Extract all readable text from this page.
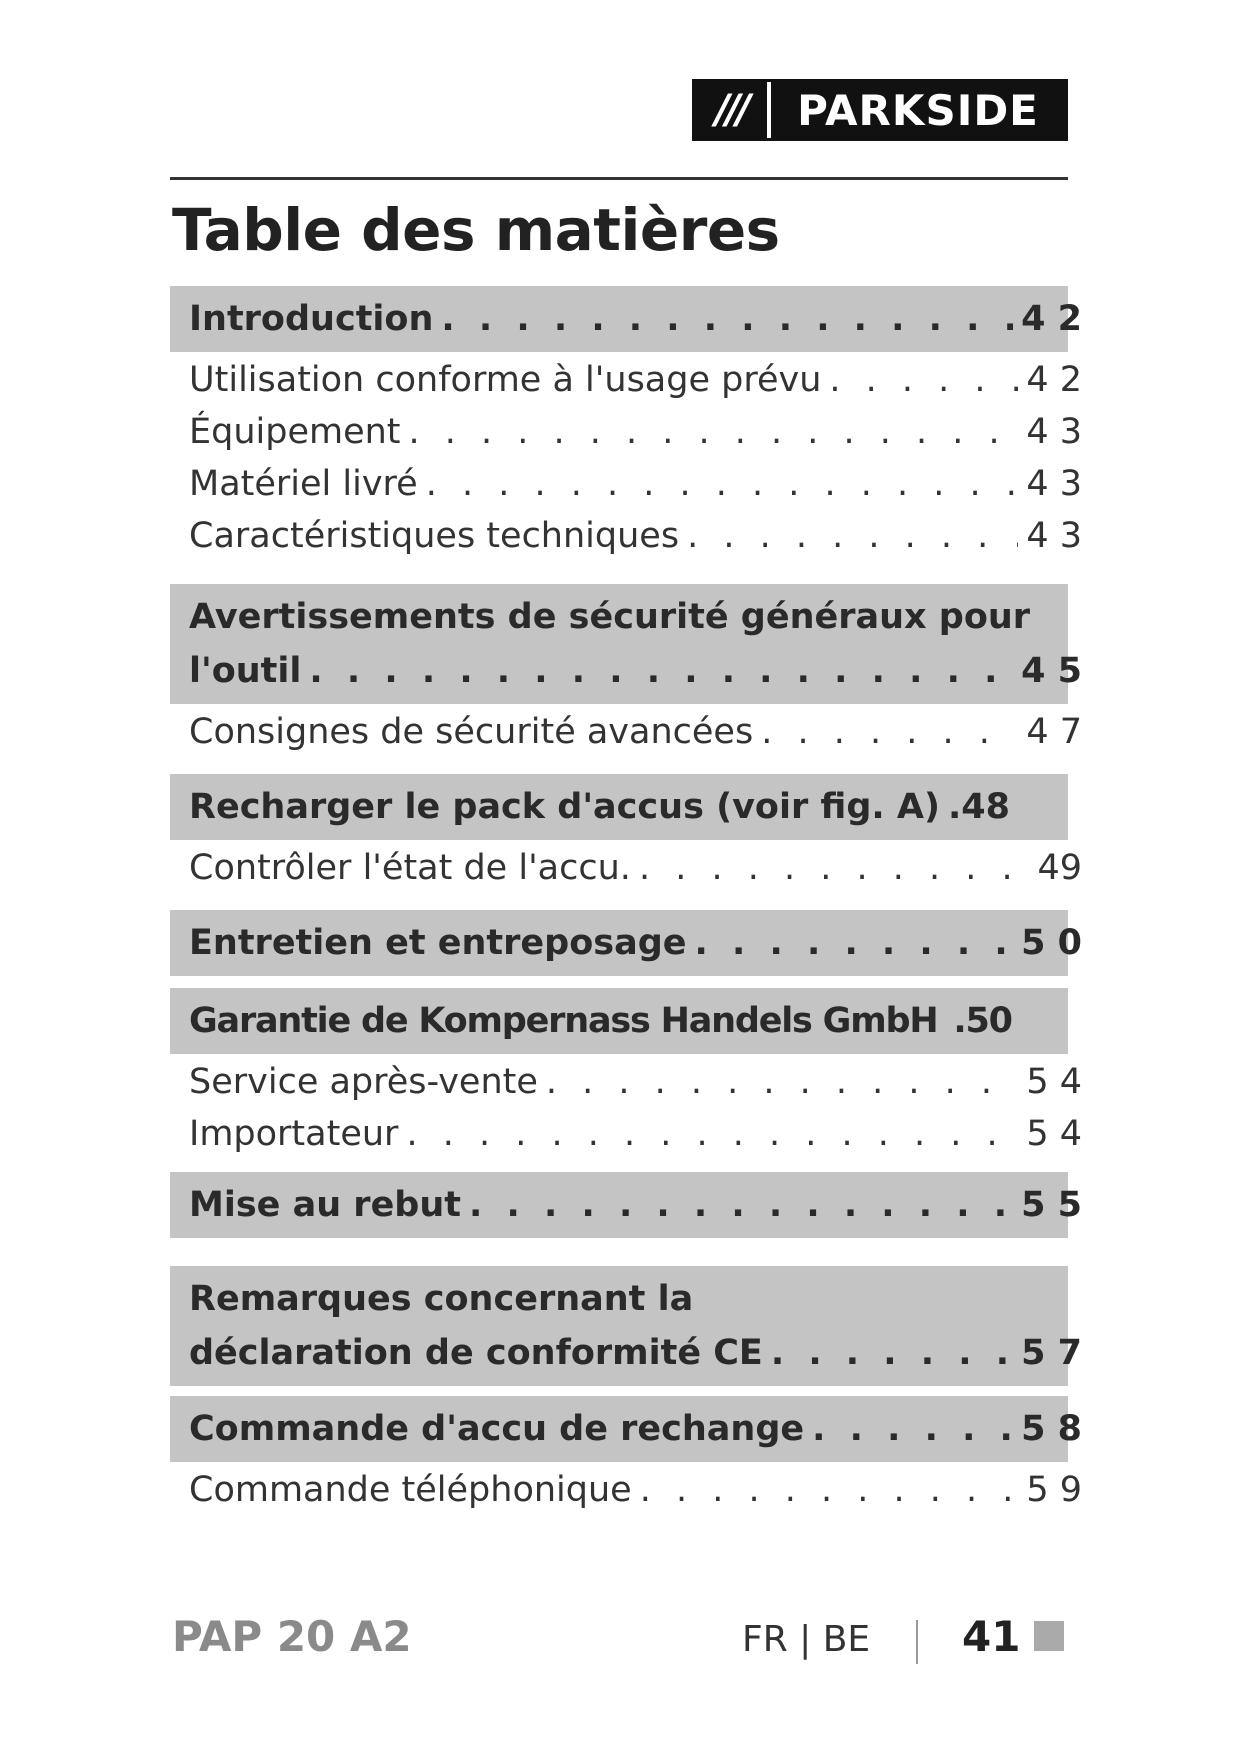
///	PARKSIDE
Table des matières
Introduction . . .	4 2
Utilisation conforme à l'usage prévu . . .	4 2
Équipement . . .	4 3
Matériel livré . . .	4 3
Caractéristiques techniques . . .	4 3
Avertissements de sécurité généraux pour
l'outil . . .	4 5
Consignes de sécurité avancées . . .	4 7
Recharger le pack d'accus (voir fig. A) .48
Contrôler l'état de l'accu. . . .	49
Entretien et entreposage . . .	5 0
Garantie de Kompernass Handels GmbH .50
Service après-vente . . .	5 4
Importateur . . .	5 4
Mise au rebut . . .	5 5
Remarques concernant la
déclaration de conformité CE . . .	5 7
Commande d'accu de rechange . . .	5 8
Commande téléphonique . . .	5 9
PAP 20 A2	FR | BE 41
